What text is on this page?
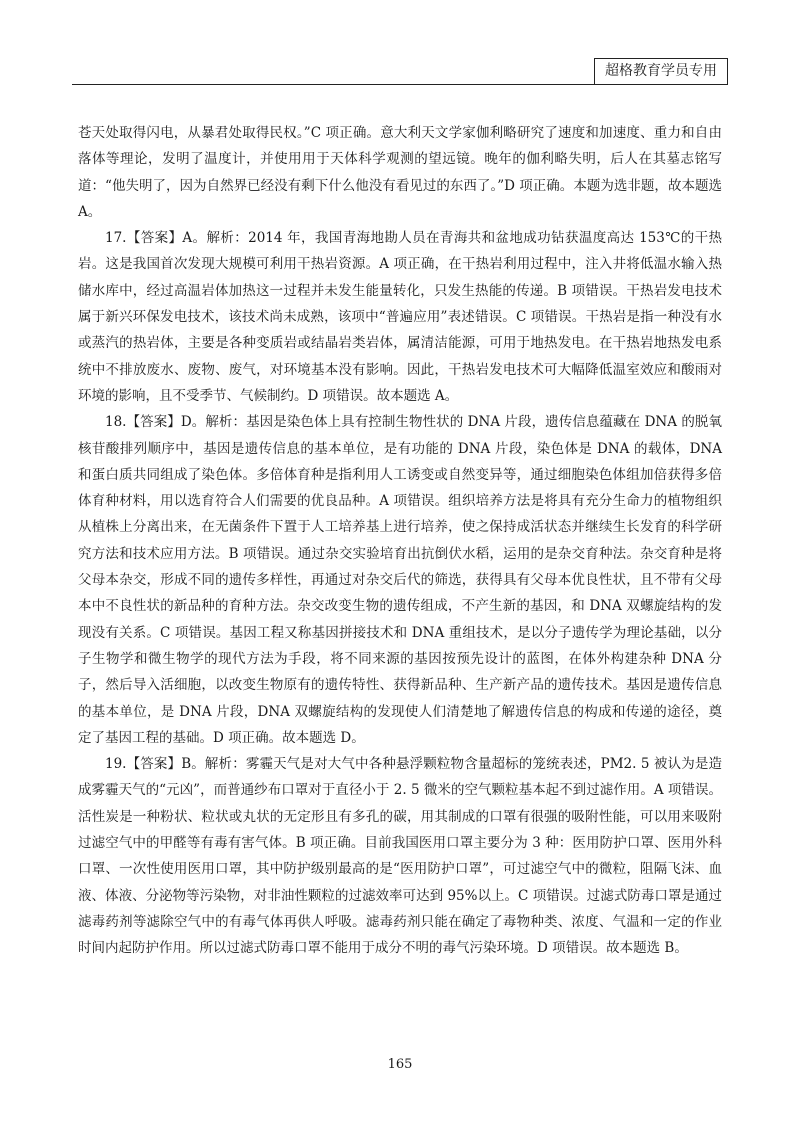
超格教育学员专用

苍天处取得闪电，从暴君处取得民权。”C 项正确。意大利天文学家伽利略研究了速度和加速度、重力和自由落体等理论，发明了温度计，并使用用于天体科学观测的望远镜。晚年的伽利略失明，后人在其墓志铭写道：“他失明了，因为自然界已经没有剩下什么他没有看见过的东西了。”D 项正确。本题为选非题，故本题选 A。

17.【答案】A。解析：2014 年，我国青海地勘人员在青海共和盆地成功钻获温度高达 153℃的干热岩。这是我国首次发现大规模可利用干热岩资源。A 项正确，在干热岩利用过程中，注入井将低温水输入热储水库中，经过高温岩体加热这一过程并未发生能量转化，只发生热能的传递。B 项错误。干热岩发电技术属于新兴环保发电技术，该技术尚未成熟，该项中“普遍应用”表述错误。C 项错误。干热岩是指一种没有水或蒸汽的热岩体，主要是各种变质岩或结晶岩类岩体，属清洁能源，可用于地热发电。在干热岩地热发电系统中不排放废水、废物、废气，对环境基本没有影响。因此，干热岩发电技术可大幅降低温室效应和酸雨对环境的影响，且不受季节、气候制约。D 项错误。故本题选 A。

18.【答案】D。解析：基因是染色体上具有控制生物性状的 DNA 片段，遗传信息蕴藏在 DNA 的脱氧核苷酸排列顺序中，基因是遗传信息的基本单位，是有功能的 DNA 片段，染色体是 DNA 的载体，DNA 和蛋白质共同组成了染色体。多倍体育种是指利用人工诱变或自然变异等，通过细胞染色体组加倍获得多倍体育种材料，用以选育符合人们需要的优良品种。A 项错误。组织培养方法是将具有充分生命力的植物组织从植株上分离出来，在无菌条件下置于人工培养基上进行培养，使之保持成活状态并继续生长发育的科学研究方法和技术应用方法。B 项错误。通过杂交实验培育出抗倒伏水稻，运用的是杂交育种法。杂交育种是将父母本杂交，形成不同的遗传多样性，再通过对杂交后代的筛选，获得具有父母本优良性状，且不带有父母本中不良性状的新品种的育种方法。杂交改变生物的遗传组成，不产生新的基因，和 DNA 双螺旋结构的发现没有关系。C 项错误。基因工程又称基因拼接技术和 DNA 重组技术，是以分子遗传学为理论基础，以分子生物学和微生物学的现代方法为手段，将不同来源的基因按预先设计的蓝图，在体外构建杂种 DNA 分子，然后导入活细胞，以改变生物原有的遗传特性、获得新品种、生产新产品的遗传技术。基因是遗传信息的基本单位，是 DNA 片段，DNA 双螺旋结构的发现使人们清楚地了解遗传信息的构成和传递的途径，奠定了基因工程的基础。D 项正确。故本题选 D。

19.【答案】B。解析：雾霾天气是对大气中各种悬浮颗粒物含量超标的笼统表述，PM2. 5 被认为是造成雾霾天气的“元凶”，而普通纱布口罩对于直径小于 2. 5 微米的空气颗粒基本起不到过滤作用。A 项错误。活性炭是一种粉状、粒状或丸状的无定形且有多孔的碳，用其制成的口罩有很强的吸附性能，可以用来吸附过滤空气中的甲醛等有毒有害气体。B 项正确。目前我国医用口罩主要分为 3 种：医用防护口罩、医用外科口罩、一次性使用医用口罩，其中防护级别最高的是“医用防护口罩”，可过滤空气中的微粒，阻隔飞沫、血液、体液、分泌物等污染物，对非油性颗粒的过滤效率可达到 95%以上。C 项错误。过滤式防毒口罩是通过滤毒药剂等滤除空气中的有毒气体再供人呼吸。滤毒药剂只能在确定了毒物种类、浓度、气温和一定的作业时间内起防护作用。所以过滤式防毒口罩不能用于成分不明的毒气污染环境。D 项错误。故本题选 B。

165
